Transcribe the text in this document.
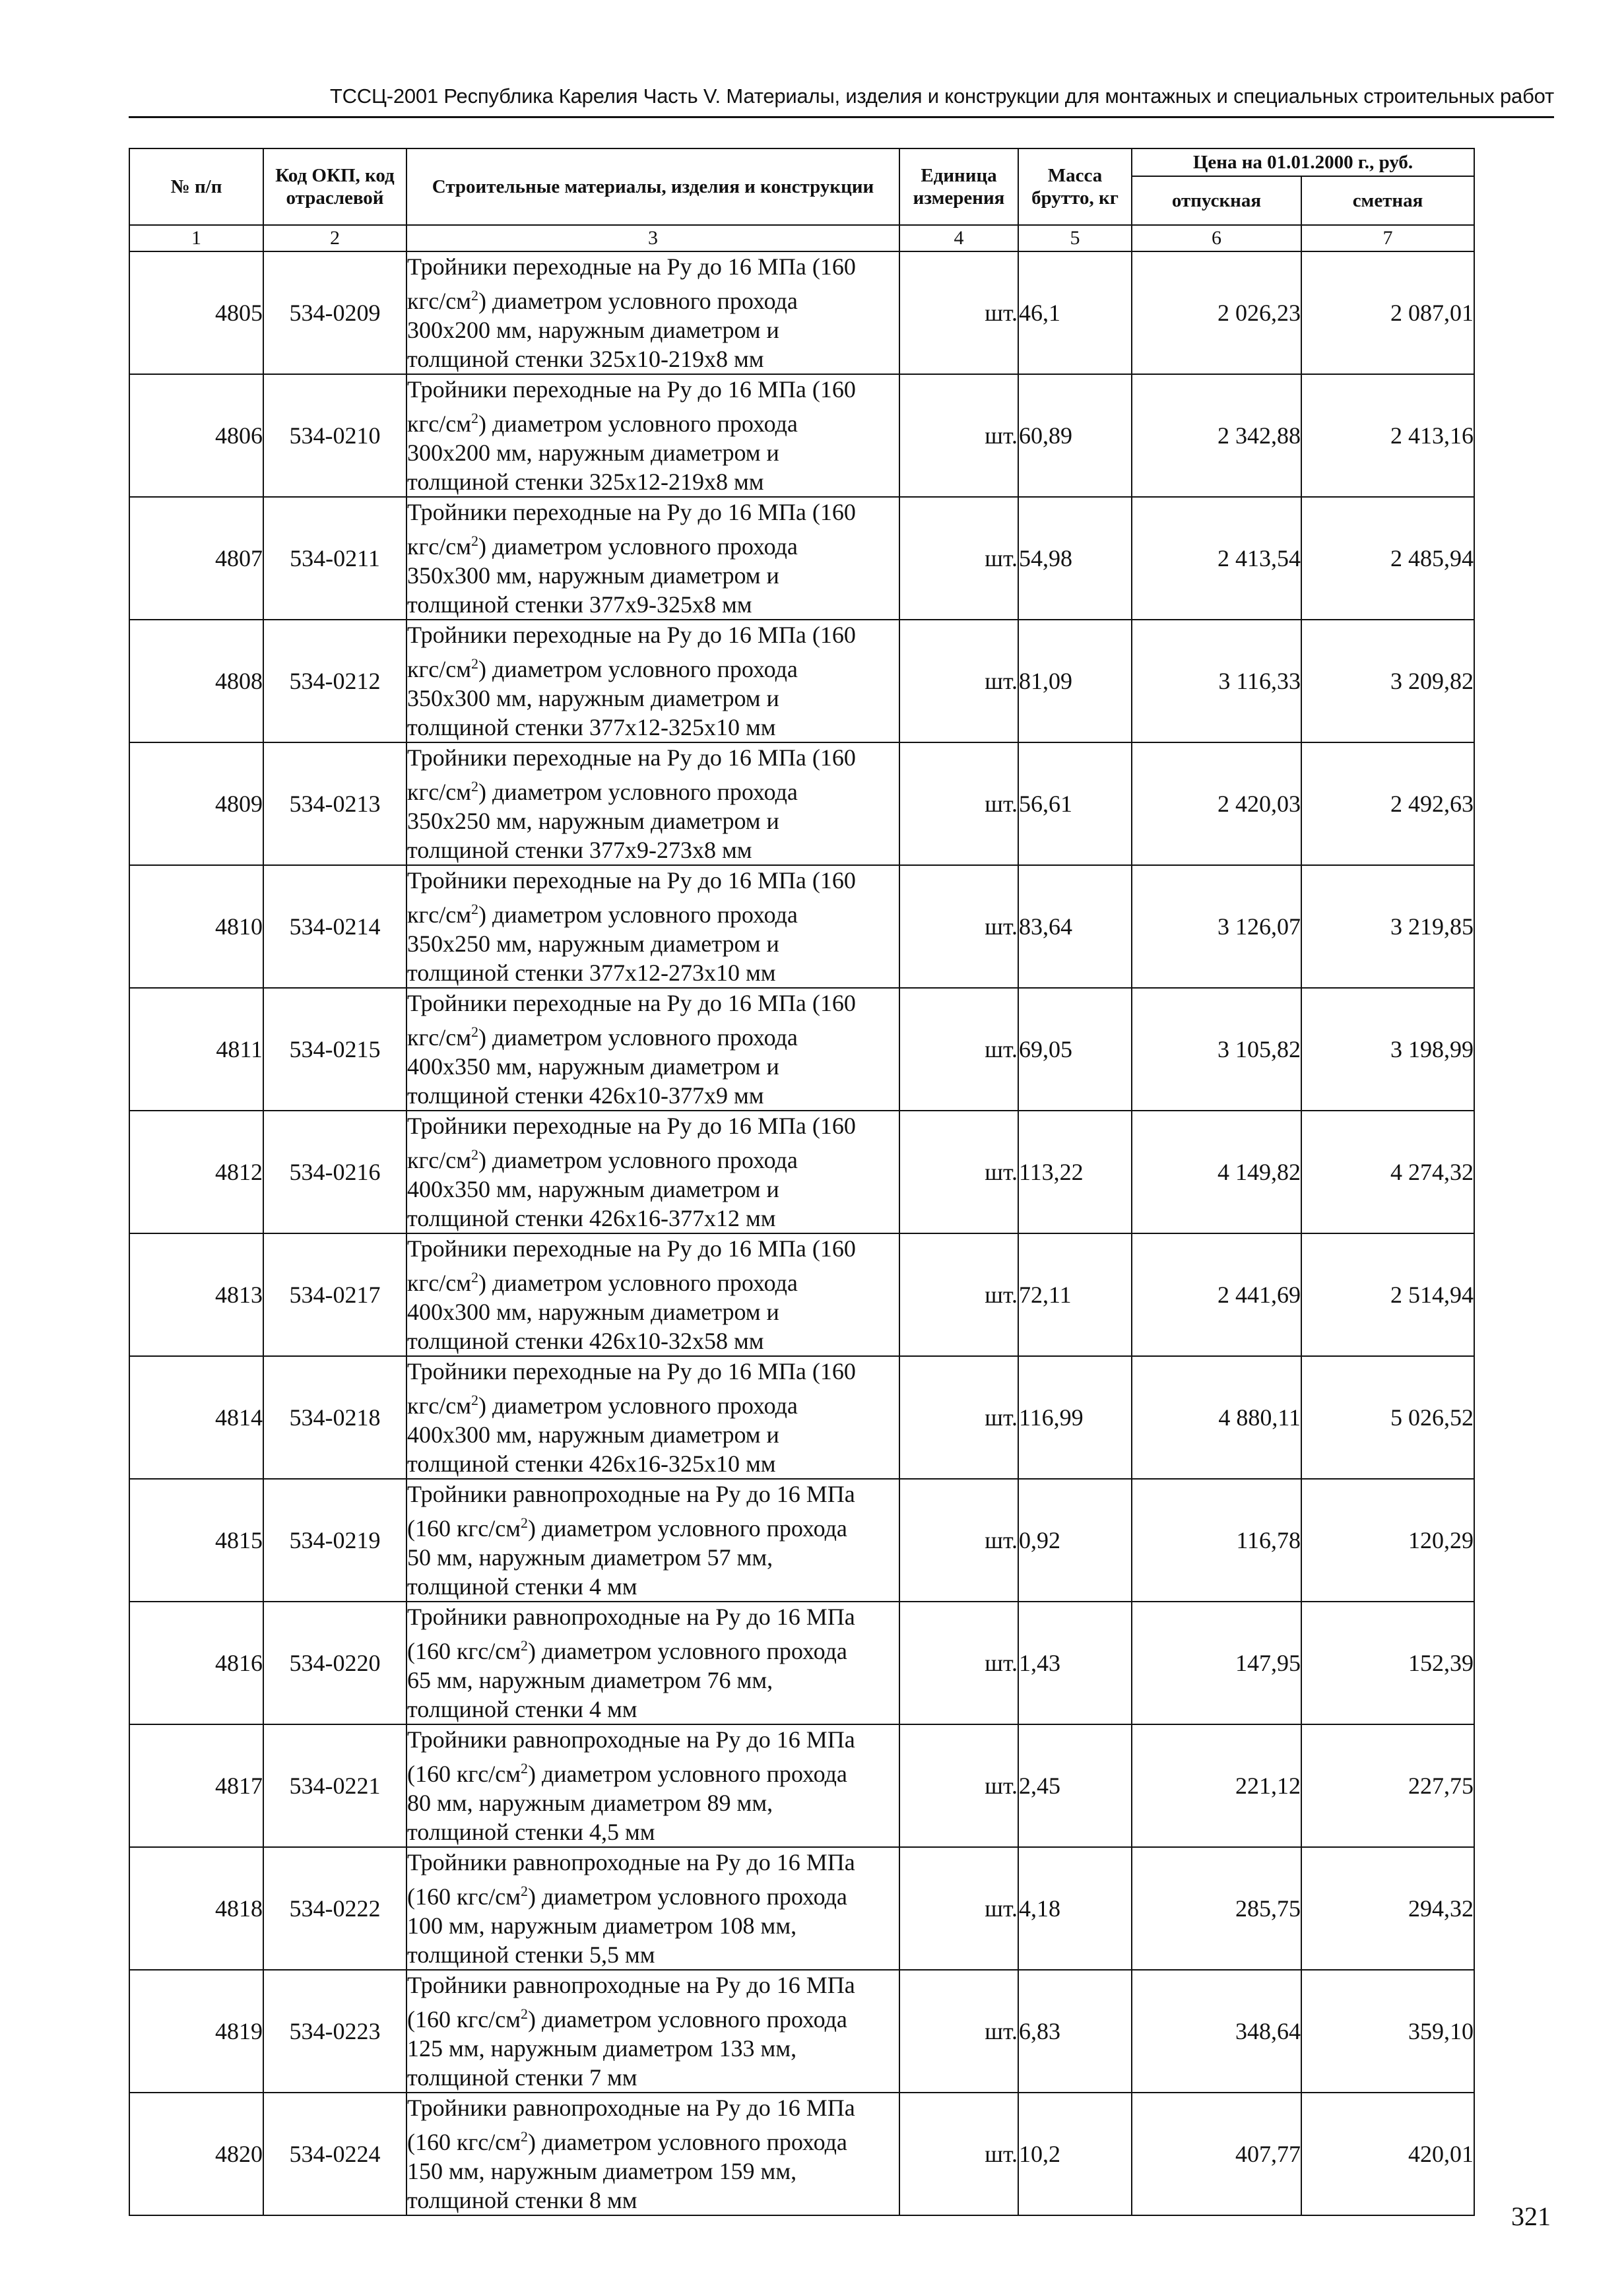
ТССЦ-2001 Республика Карелия Часть V. Материалы, изделия и конструкции для монтажных и специальных строительных работ
№ п/п	Код ОКП, код отраслевой	Строительные материалы, изделия и конструкции	Единица измерения	Масса брутто, кг	Цена на 01.01.2000 г., руб.	
					отпускная	сметная
1	2	3	4	5	6	7
4805	534-0209	Тройники переходные на Ру до 16 МПа (160
кгс/$см^2$) диаметром условного прохода
300x200 мм, наружным диаметром и
толщиной стенки 325x10-219x8 мм	шт.	46,1	2 026,23	2 087,01
4806	534-0210	Тройники переходные на Ру до 16 МПа (160
кгс/$см^2$) диаметром условного прохода
300x200 мм, наружным диаметром и
толщиной стенки 325x12-219x8 мм	шт.	60,89	2 342,88	2 413,16
4807	534-0211	Тройники переходные на Ру до 16 МПа (160
кгс/$см^2$) диаметром условного прохода
350x300 мм, наружным диаметром и
толщиной стенки 377x9-325x8 мм	шт.	54,98	2 413,54	2 485,94
4808	534-0212	Тройники переходные на Ру до 16 МПа (160
кгс/$см^2$) диаметром условного прохода
350x300 мм, наружным диаметром и
толщиной стенки 377x12-325x10 мм	шт.	81,09	3 116,33	3 209,82
4809	534-0213	Тройники переходные на Ру до 16 МПа (160
кгс/$см^2$) диаметром условного прохода
350x250 мм, наружным диаметром и
толщиной стенки 377x9-273x8 мм	шт.	56,61	2 420,03	2 492,63
4810	534-0214	Тройники переходные на Ру до 16 МПа (160
кгс/$см^2$) диаметром условного прохода
350x250 мм, наружным диаметром и
толщиной стенки 377x12-273x10 мм	шт.	83,64	3 126,07	3 219,85
4811	534-0215	Тройники переходные на Ру до 16 МПа (160
кгс/$см^2$) диаметром условного прохода
400x350 мм, наружным диаметром и
толщиной стенки 426x10-377x9 мм	шт.	69,05	3 105,82	3 198,99
4812	534-0216	Тройники переходные на Ру до 16 МПа (160
кгс/$см^2$) диаметром условного прохода
400x350 мм, наружным диаметром и
толщиной стенки 426x16-377x12 мм	шт.	113,22	4 149,82	4 274,32
4813	534-0217	Тройники переходные на Ру до 16 МПа (160
кгс/$см^2$) диаметром условного прохода
400x300 мм, наружным диаметром и
толщиной стенки 426x10-32x58 мм	шт.	72,11	2 441,69	2 514,94
4814	534-0218	Тройники переходные на Ру до 16 МПа (160
кгс/$см^2$) диаметром условного прохода
400x300 мм, наружным диаметром и
толщиной стенки 426x16-325x10 мм	шт.	116,99	4 880,11	5 026,52
4815	534-0219	Тройники равнопроходные на Ру до 16 МПа
(160 кгс/$см^2$) диаметром условного прохода
50 мм, наружным диаметром 57 мм,
толщиной стенки 4 мм	шт.	0,92	116,78	120,29
4816	534-0220	Тройники равнопроходные на Ру до 16 МПа
(160 кгс/$см^2$) диаметром условного прохода
65 мм, наружным диаметром 76 мм,
толщиной стенки 4 мм	шт.	1,43	147,95	152,39
4817	534-0221	Тройники равнопроходные на Ру до 16 МПа
(160 кгс/$см^2$) диаметром условного прохода
80 мм, наружным диаметром 89 мм,
толщиной стенки 4,5 мм	шт.	2,45	221,12	227,75
4818	534-0222	Тройники равнопроходные на Ру до 16 МПа
(160 кгс/$см^2$) диаметром условного прохода
100 мм, наружным диаметром 108 мм,
толщиной стенки 5,5 мм	шт.	4,18	285,75	294,32
4819	534-0223	Тройники равнопроходные на Ру до 16 МПа
(160 кгс/$см^2$) диаметром условного прохода
125 мм, наружным диаметром 133 мм,
толщиной стенки 7 мм	шт.	6,83	348,64	359,10
4820	534-0224	Тройники равнопроходные на Ру до 16 МПа
(160 кгс/$см^2$) диаметром условного прохода
150 мм, наружным диаметром 159 мм,
толщиной стенки 8 мм	шт.	10,2	407,77	420,01
321
